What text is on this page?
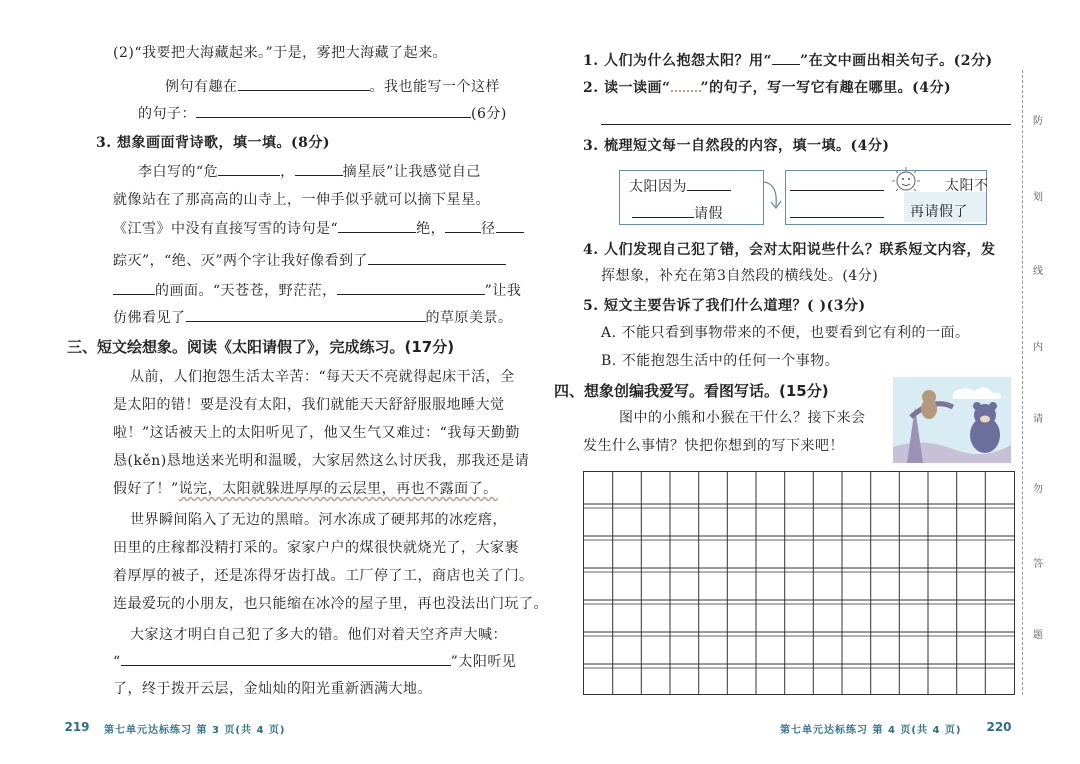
(2)“我要把大海藏起来。”于是，雾把大海藏了起来。
例句有趣在	。我也能写一个这样
的句子：	(6分)
3. 想象画面背诗歌，填一填。(8分)
李白写的“危	，	摘星辰”让我感觉自己
就像站在了那高高的山寺上，一伸手似乎就可以摘下星星。
《江雪》中没有直接写雪的诗句是“	绝，	径
踪灭”，“绝、灭”两个字让我好像看到了
的画面。“天苍苍，野茫茫，	”让我
仿佛看见了	的草原美景。
三、短文绘想象。阅读《太阳请假了》，完成练习。(17分)
从前，人们抱怨生活太辛苦：“每天天不亮就得起床干活，全
是太阳的错！要是没有太阳，我们就能天天舒舒服服地睡大觉
啦！”这话被天上的太阳听见了，他又生气又难过：“我每天勤勤
恳(kěn)恳地送来光明和温暖，大家居然这么讨厌我，那我还是请
假好了！”说完，太阳就躲进厚厚的云层里，再也不露面了。
世界瞬间陷入了无边的黑暗。河水冻成了硬邦邦的冰疙瘩，
田里的庄稼都没精打采的。家家户户的煤很快就烧光了，大家裹
着厚厚的被子，还是冻得牙齿打战。工厂停了工，商店也关了门。
连最爱玩的小朋友，也只能缩在冰冷的屋子里，再也没法出门玩了。
大家这才明白自己犯了多大的错。他们对着天空齐声大喊：
“	”太阳听见
了，终于拨开云层，金灿灿的阳光重新洒满大地。
219 第七单元达标练习 第 3 页(共 4 页)
1. 人们为什么抱怨太阳？用“ ”在文中画出相关句子。(2分)
2. 读一读画“ ”的句子，写一写它有趣在哪里。(4分)
3. 梳理短文每一自然段的内容，填一填。(4分)
太阳因为
请假
太阳不
再请假了
4. 人们发现自己犯了错，会对太阳说些什么？联系短文内容，发
挥想象，补充在第3自然段的横线处。(4分)
5. 短文主要告诉了我们什么道理？( )(3分)
A. 不能只看到事物带来的不便，也要看到它有利的一面。
B. 不能抱怨生活中的任何一个事物。
四、想象创编我爱写。看图写话。(15分)
图中的小熊和小猴在干什么？接下来会
发生什么事情？快把你想到的写下来吧！
第七单元达标练习 第 4 页(共 4 页) 220
防
划
线
内
请
勿
答
题
